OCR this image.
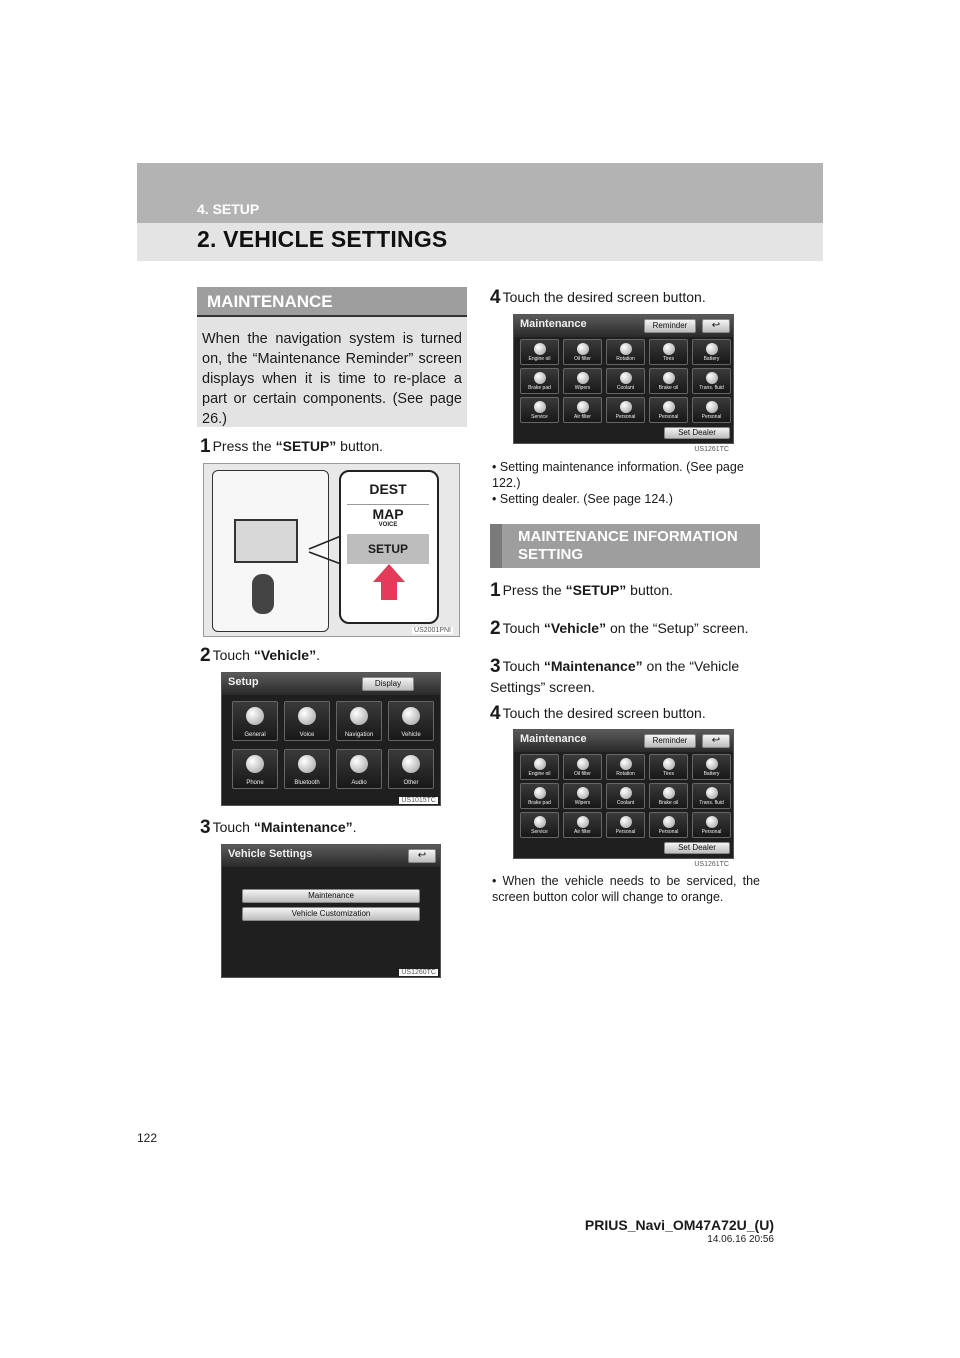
4. SETUP
2. VEHICLE SETTINGS
MAINTENANCE
When the navigation system is turned on, the “Maintenance Reminder” screen displays when it is time to re-place a part or certain components. (See page 26.)
1 Press the “SETUP” button.
DEST
MAP
VOICE
SETUP
US2001PNI
2 Touch “Vehicle”.
Setup	Display
General	Voice	Navigation	Vehicle
Phone	Bluetooth	Audio	Other
US1015TC
3 Touch “Maintenance”.
Vehicle Settings	↩
Maintenance
Vehicle Customization
US1260TC
4 Touch the desired screen button.
Maintenance	Reminder	↩
Engine oil	Oil filter	Rotation	Tires	Battery
Brake pad	Wipers	Coolant	Brake oil	Trans. fluid
Service	Air filter	Personal	Personal	Personal
Set Dealer
US1261TC
• Setting maintenance information. (See page 122.)
• Setting dealer. (See page 124.)
MAINTENANCE INFORMATION SETTING
1 Press the “SETUP” button.
2 Touch “Vehicle” on the “Setup” screen.
3 Touch “Maintenance” on the “Vehicle Settings” screen.
4 Touch the desired screen button.
Maintenance	Reminder	↩
Engine oil	Oil filter	Rotation	Tires	Battery
Brake pad	Wipers	Coolant	Brake oil	Trans. fluid
Service	Air filter	Personal	Personal	Personal
Set Dealer
US1261TC
• When the vehicle needs to be serviced, the screen button color will change to orange.
122
PRIUS_Navi_OM47A72U_(U)
14.06.16 20:56
